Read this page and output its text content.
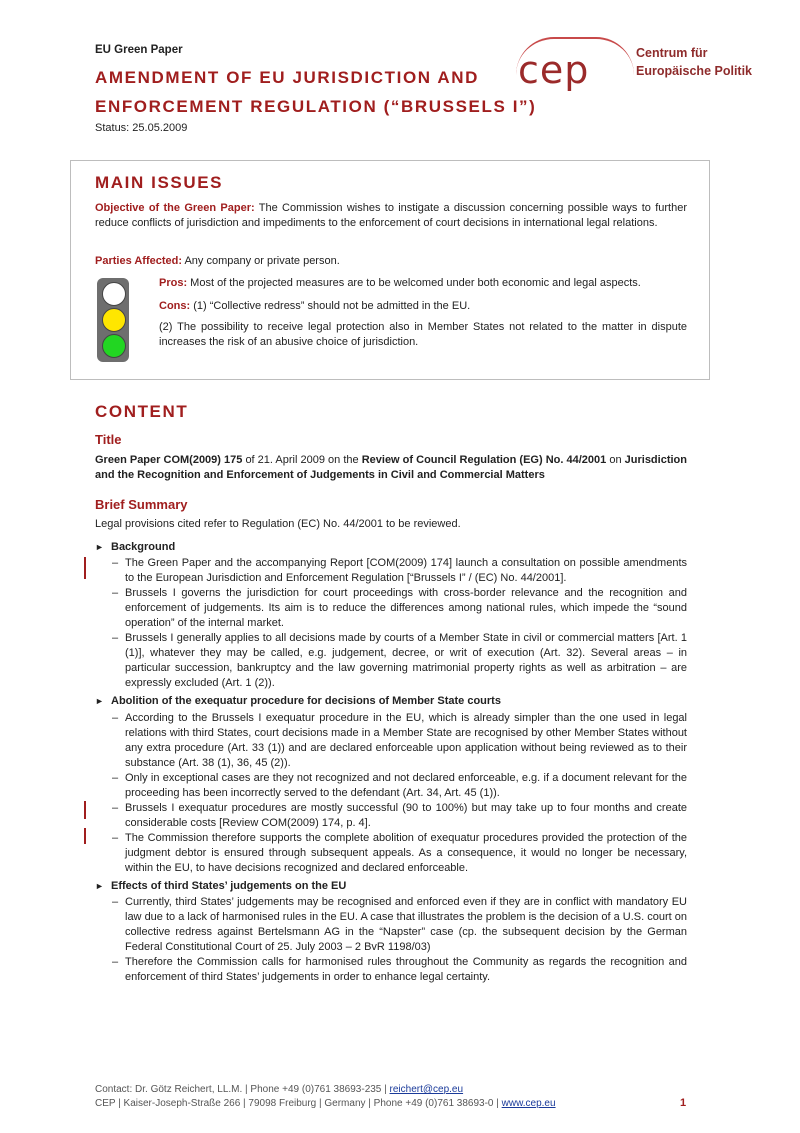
EU Green Paper
AMENDMENT OF EU JURISDICTION AND
ENFORCEMENT REGULATION (“BRUSSELS I”)
Status: 25.05.2009
cep	Centrum für
Europäische Politik
MAIN ISSUES
Objective of the Green Paper: The Commission wishes to instigate a discussion concerning possible ways to further reduce conflicts of jurisdiction and impediments to the enforcement of court decisions in international legal relations.
Parties Affected: Any company or private person.
Pros: Most of the projected measures are to be welcomed under both economic and legal aspects.
Cons: (1) “Collective redress” should not be admitted in the EU.
(2) The possibility to receive legal protection also in Member States not related to the matter in dispute increases the risk of an abusive choice of jurisdiction.
CONTENT
Title
Green Paper COM(2009) 175 of 21. April 2009 on the Review of Council Regulation (EG) No. 44/2001 on Jurisdiction and the Recognition and Enforcement of Judgements in Civil and Commercial Matters
Brief Summary
Legal provisions cited refer to Regulation (EC) No. 44/2001 to be reviewed.
► Background
– The Green Paper and the accompanying Report [COM(2009) 174] launch a consultation on possible amendments to the European Jurisdiction and Enforcement Regulation [“Brussels I” / (EC) No. 44/2001].
– Brussels I governs the jurisdiction for court proceedings with cross-border relevance and the recognition and enforcement of judgements. Its aim is to reduce the differences among national rules, which impede the “sound operation” of the internal market.
– Brussels I generally applies to all decisions made by courts of a Member State in civil or commercial matters [Art. 1 (1)], whatever they may be called, e.g. judgement, decree, or writ of execution (Art. 32). Several areas – in particular succession, bankruptcy and the law governing matrimonial property rights as well as arbitration – are expressly excluded (Art. 1 (2)).
► Abolition of the exequatur procedure for decisions of Member State courts
– According to the Brussels I exequatur procedure in the EU, which is already simpler than the one used in legal relations with third States, court decisions made in a Member State are recognised by other Member States without any extra procedure (Art. 33 (1)) and are declared enforceable upon application without being reviewed as to their substance (Art. 38 (1), 36, 45 (2)).
– Only in exceptional cases are they not recognized and not declared enforceable, e.g. if a document relevant for the proceeding has been incorrectly served to the defendant (Art. 34, Art. 45 (1)).
– Brussels I exequatur procedures are mostly successful (90 to 100%) but may take up to four months and create considerable costs [Review COM(2009) 174, p. 4].
– The Commission therefore supports the complete abolition of exequatur procedures provided the protection of the judgment debtor is ensured through subsequent appeals. As a consequence, it would no longer be necessary, within the EU, to have decisions recognized and declared enforceable.
► Effects of third States’ judgements on the EU
– Currently, third States’ judgements may be recognised and enforced even if they are in conflict with mandatory EU law due to a lack of harmonised rules in the EU. A case that illustrates the problem is the decision of a U.S. court on collective redress against Bertelsmann AG in the “Napster” case (cp. the subsequent decision by the German Federal Constitutional Court of 25. July 2003 – 2 BvR 1198/03)
– Therefore the Commission calls for harmonised rules throughout the Community as regards the recognition and enforcement of third States’ judgements in order to enhance legal certainty.
Contact: Dr. Götz Reichert, LL.M. | Phone +49 (0)761 38693-235 | reichert@cep.eu
CEP | Kaiser-Joseph-Straße 266 | 79098 Freiburg | Germany | Phone +49 (0)761 38693-0 | www.cep.eu	1
